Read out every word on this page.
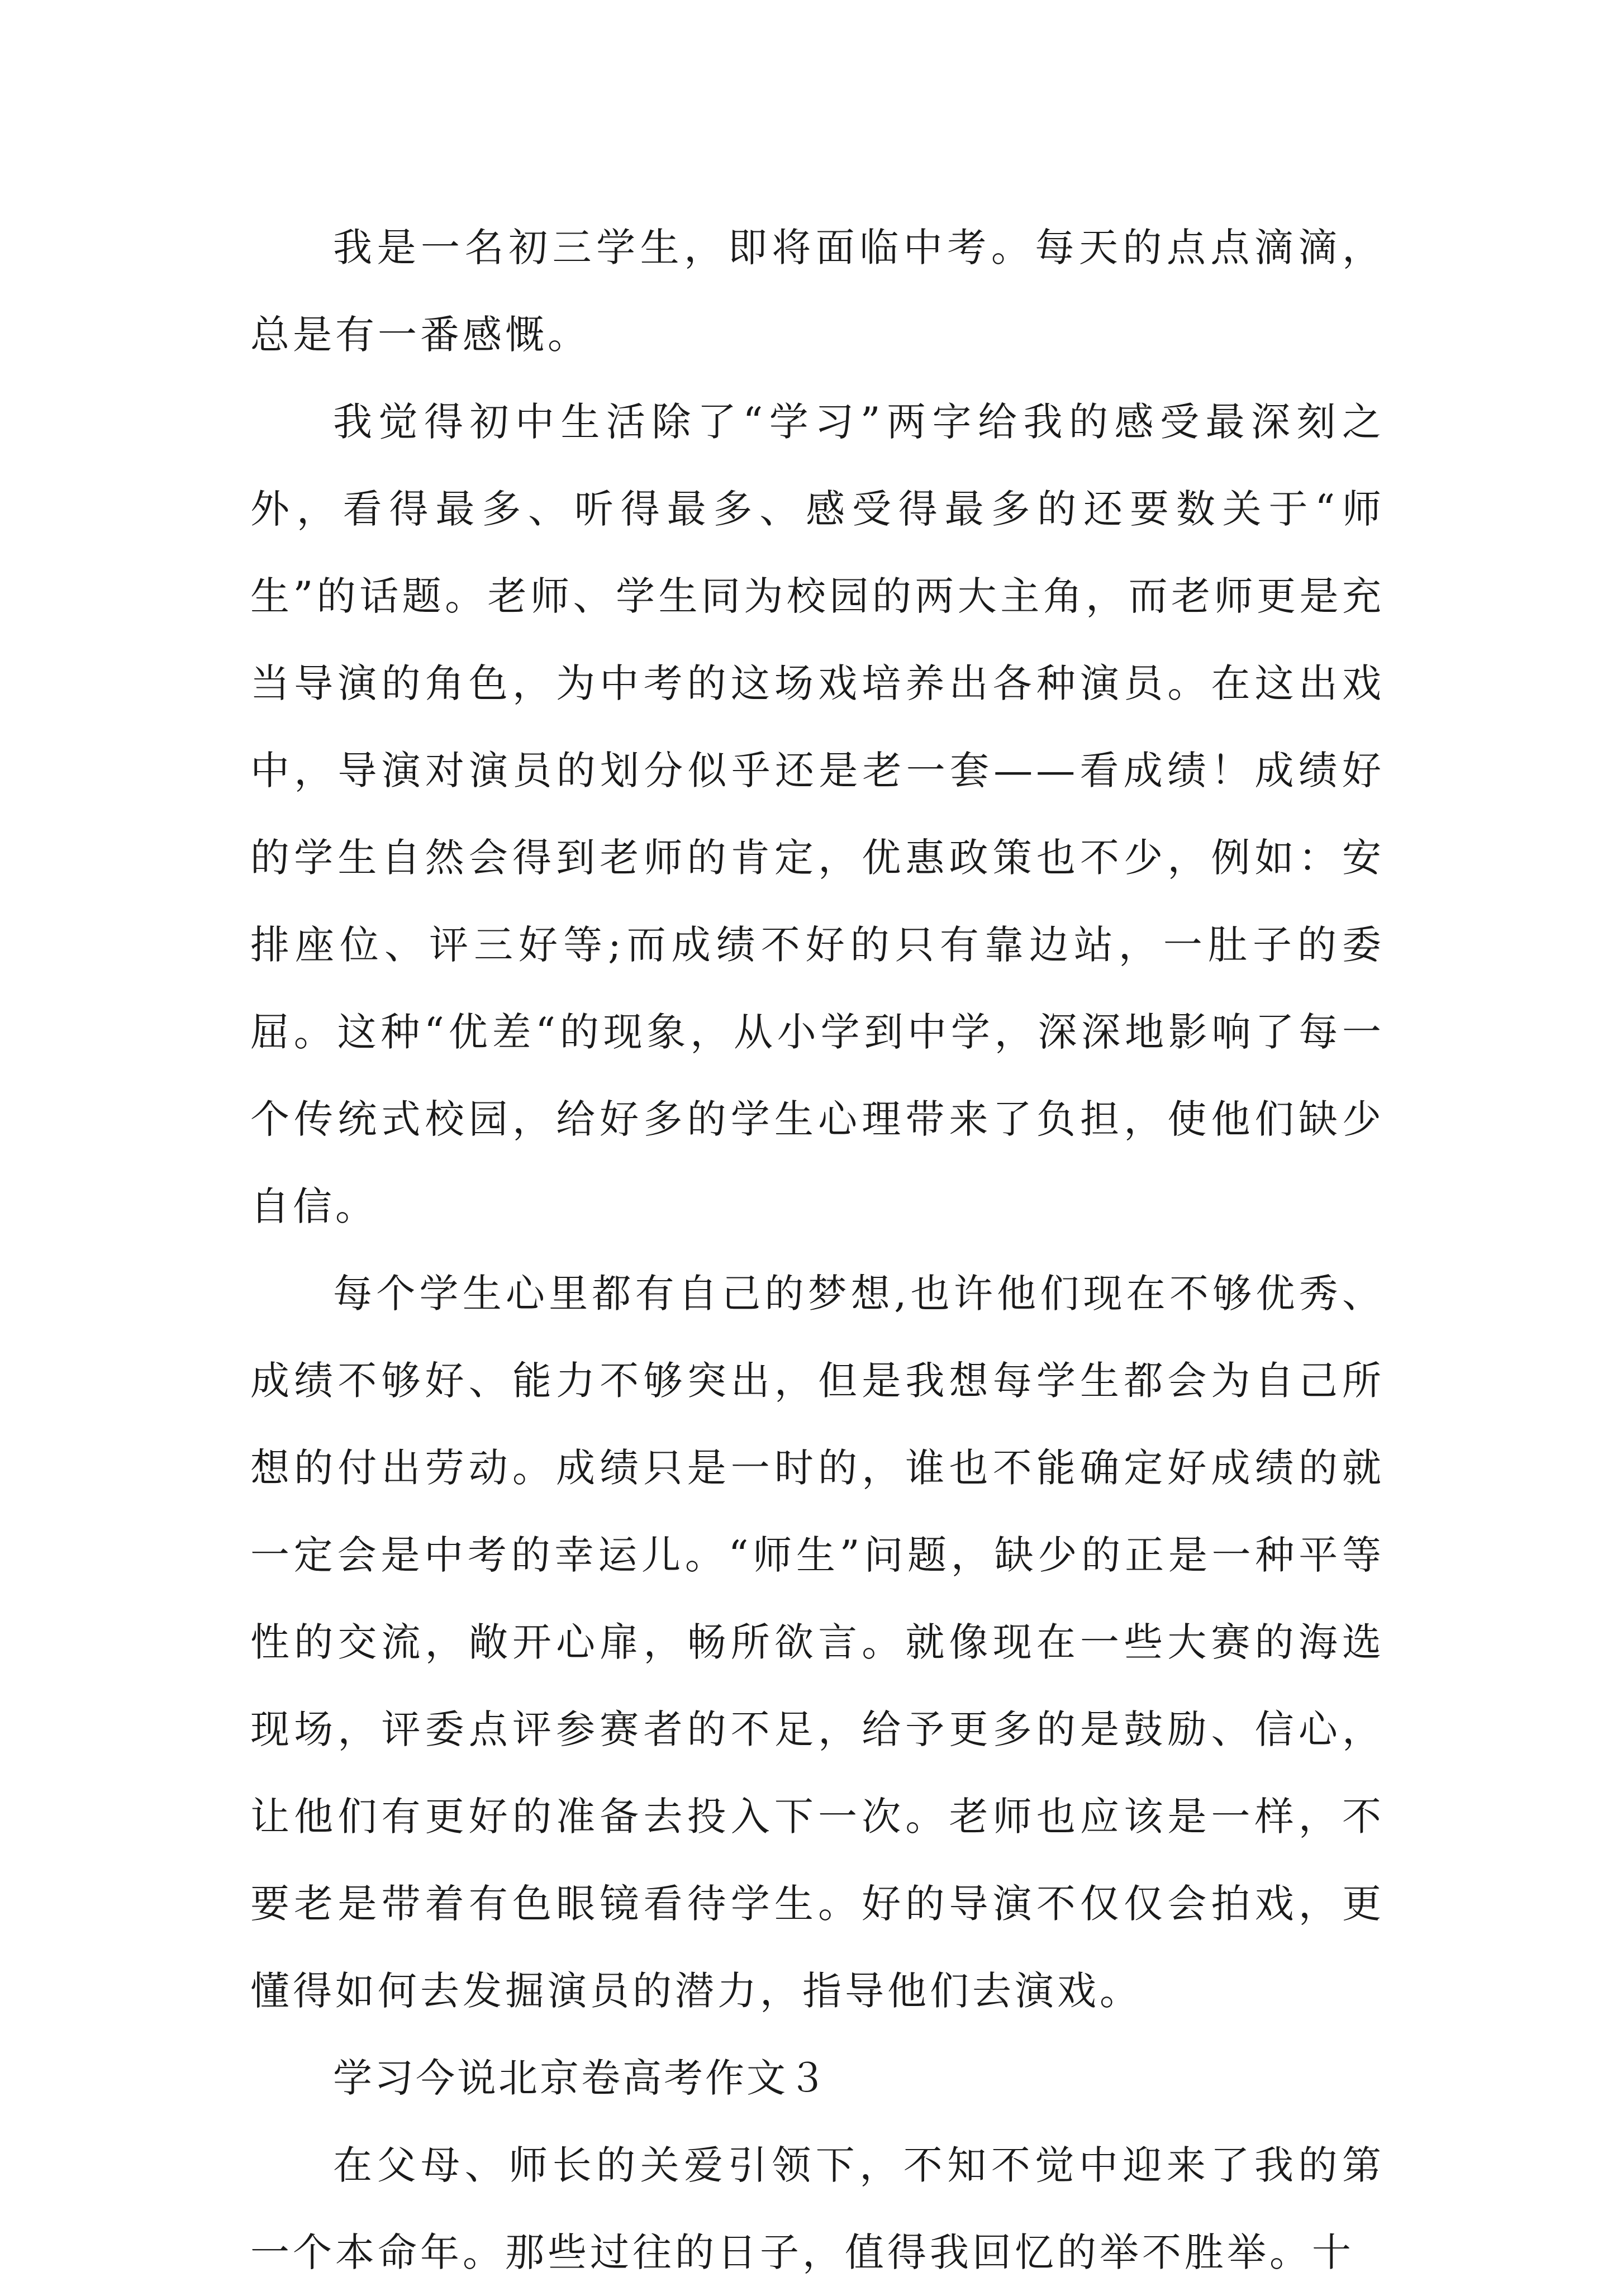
我是一名初三学生，即将面临中考。每天的点点滴滴，总是有一番感慨。

我觉得初中生活除了“学习”两字给我的感受最深刻之外，看得最多、听得最多、感受得最多的还要数关于“师生”的话题。老师、学生同为校园的两大主角，而老师更是充当导演的角色，为中考的这场戏培养出各种演员。在这出戏中，导演对演员的划分似乎还是老一套——看成绩！成绩好的学生自然会得到老师的肯定，优惠政策也不少，例如：安排座位、评三好等;而成绩不好的只有靠边站，一肚子的委屈。这种“优差“的现象，从小学到中学，深深地影响了每一个传统式校园，给好多的学生心理带来了负担，使他们缺少自信。

每个学生心里都有自己的梦想,也许他们现在不够优秀、成绩不够好、能力不够突出，但是我想每学生都会为自己所想的付出劳动。成绩只是一时的，谁也不能确定好成绩的就一定会是中考的幸运儿。“师生”问题，缺少的正是一种平等性的交流，敞开心扉，畅所欲言。就像现在一些大赛的海选现场，评委点评参赛者的不足，给予更多的是鼓励、信心，让他们有更好的准备去投入下一次。老师也应该是一样，不要老是带着有色眼镜看待学生。好的导演不仅仅会拍戏，更懂得如何去发掘演员的潜力，指导他们去演戏。

学习今说北京卷高考作文３

在父母、师长的关爱引领下，不知不觉中迎来了我的第一个本命年。那些过往的日子，值得我回忆的举不胜举。十
